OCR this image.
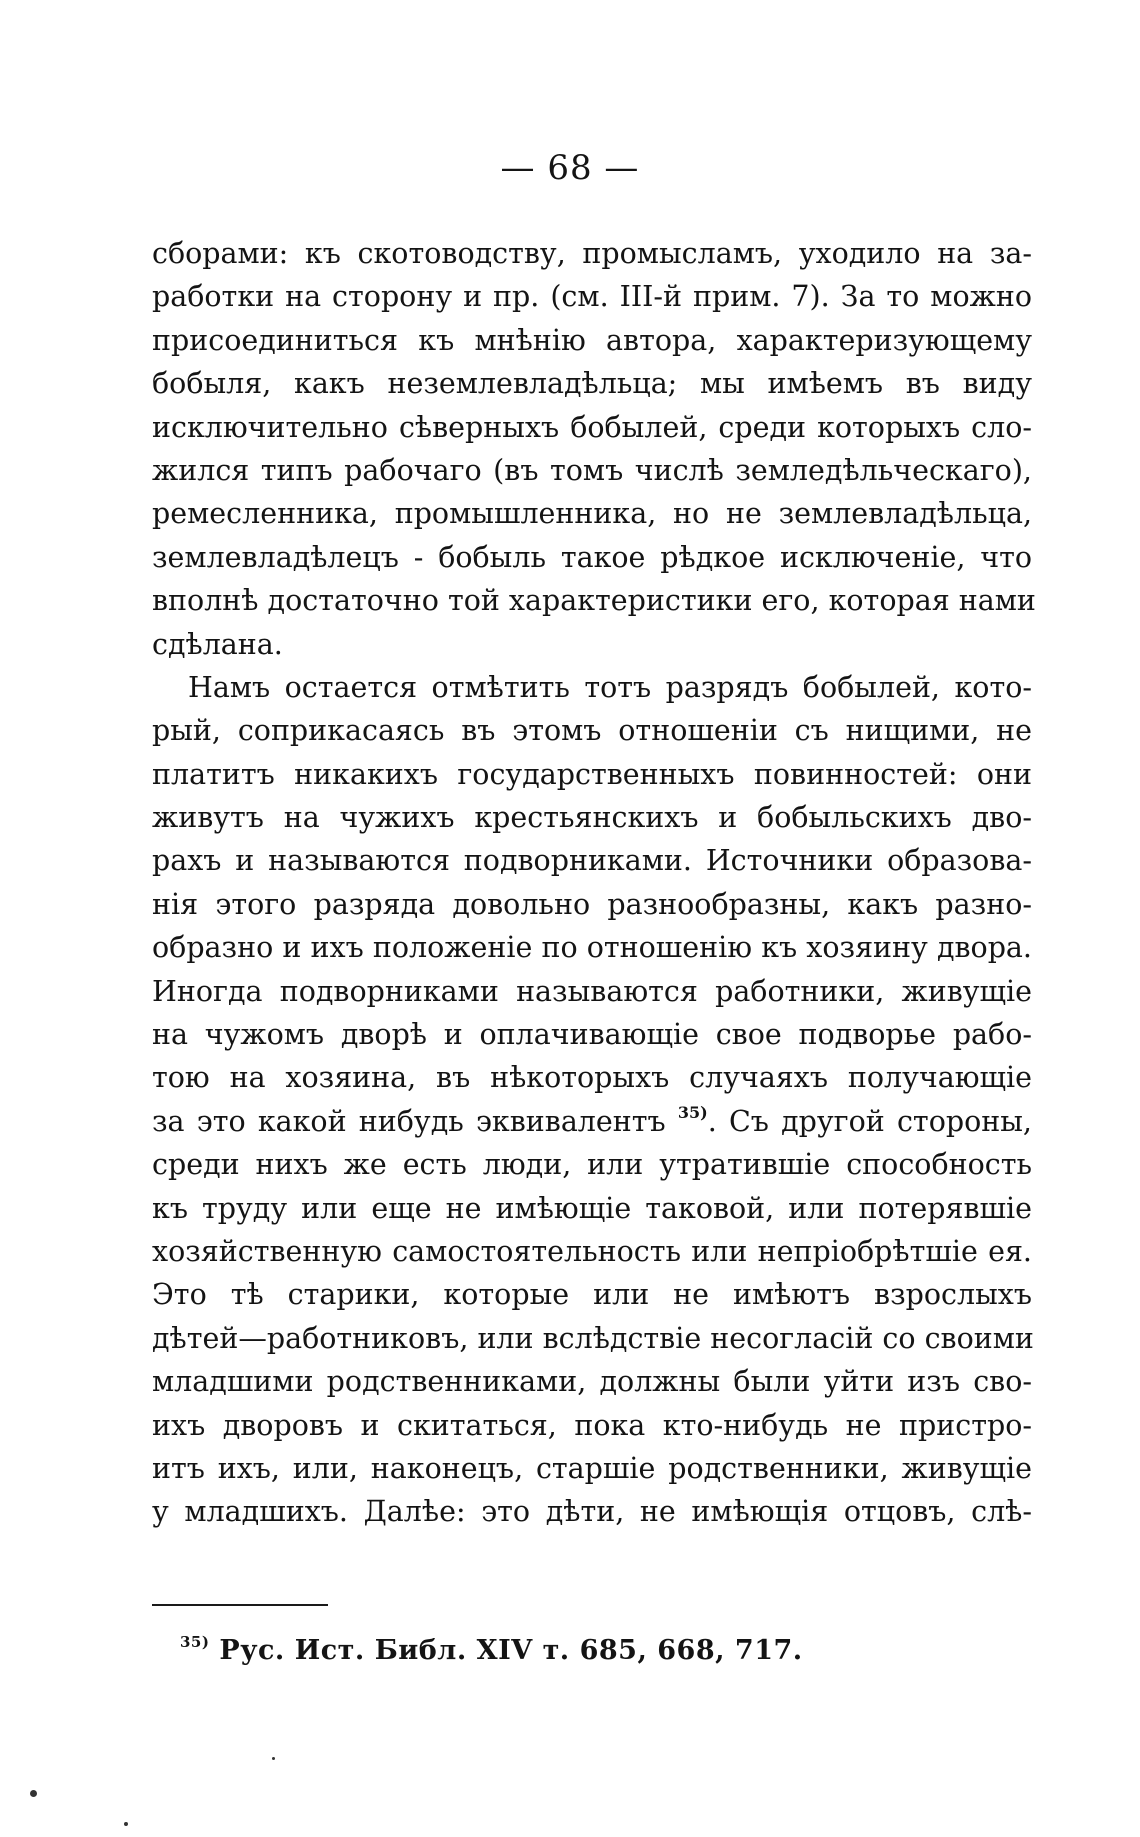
— 68 —

сборами: къ скотоводству, промысламъ, уходило на за-
работки на сторону и пр. (см. III-й прим. 7). За то можно
присоединиться къ мнѣнію автора, характеризующему
бобыля, какъ неземлевладѣльца; мы имѣемъ въ виду
исключительно сѣверныхъ бобылей, среди которыхъ сло-
жился типъ рабочаго (въ томъ числѣ земледѣльческаго),
ремесленника, промышленника, но не землевладѣльца,
землевладѣлецъ - бобыль такое рѣдкое исключеніе, что
вполнѣ достаточно той характеристики его, которая нами
сдѣлана.
Намъ остается отмѣтить тотъ разрядъ бобылей, кото-
рый, соприкасаясь въ этомъ отношеніи съ нищими, не
платитъ никакихъ государственныхъ повинностей: они
живутъ на чужихъ крестьянскихъ и бобыльскихъ дво-
рахъ и называются подворниками. Источники образова-
нія этого разряда довольно разнообразны, какъ разно-
образно и ихъ положеніе по отношенію къ хозяину двора.
Иногда подворниками называются работники, живущіе
на чужомъ дворѣ и оплачивающіе свое подворье рабо-
тою на хозяина, въ нѣкоторыхъ случаяхъ получающіе
за это какой нибудь эквивалентъ $^{35)}$. Съ другой стороны,
среди нихъ же есть люди, или утратившіе способность
къ труду или еще не имѣющіе таковой, или потерявшіе
хозяйственную самостоятельность или непріобрѣтшіе ея.
Это тѣ старики, которые или не имѣютъ взрослыхъ
дѣтей—работниковъ, или вслѣдствіе несогласій со своими
младшими родственниками, должны были уйти изъ сво-
ихъ дворовъ и скитаться, пока кто-нибудь не пристро-
итъ ихъ, или, наконецъ, старшіе родственники, живущіе
у младшихъ. Далѣе: это дѣти, не имѣющія отцовъ, слѣ-

$^{35)}$ Рус. Ист. Библ. XIV т. 685, 668, 717.
